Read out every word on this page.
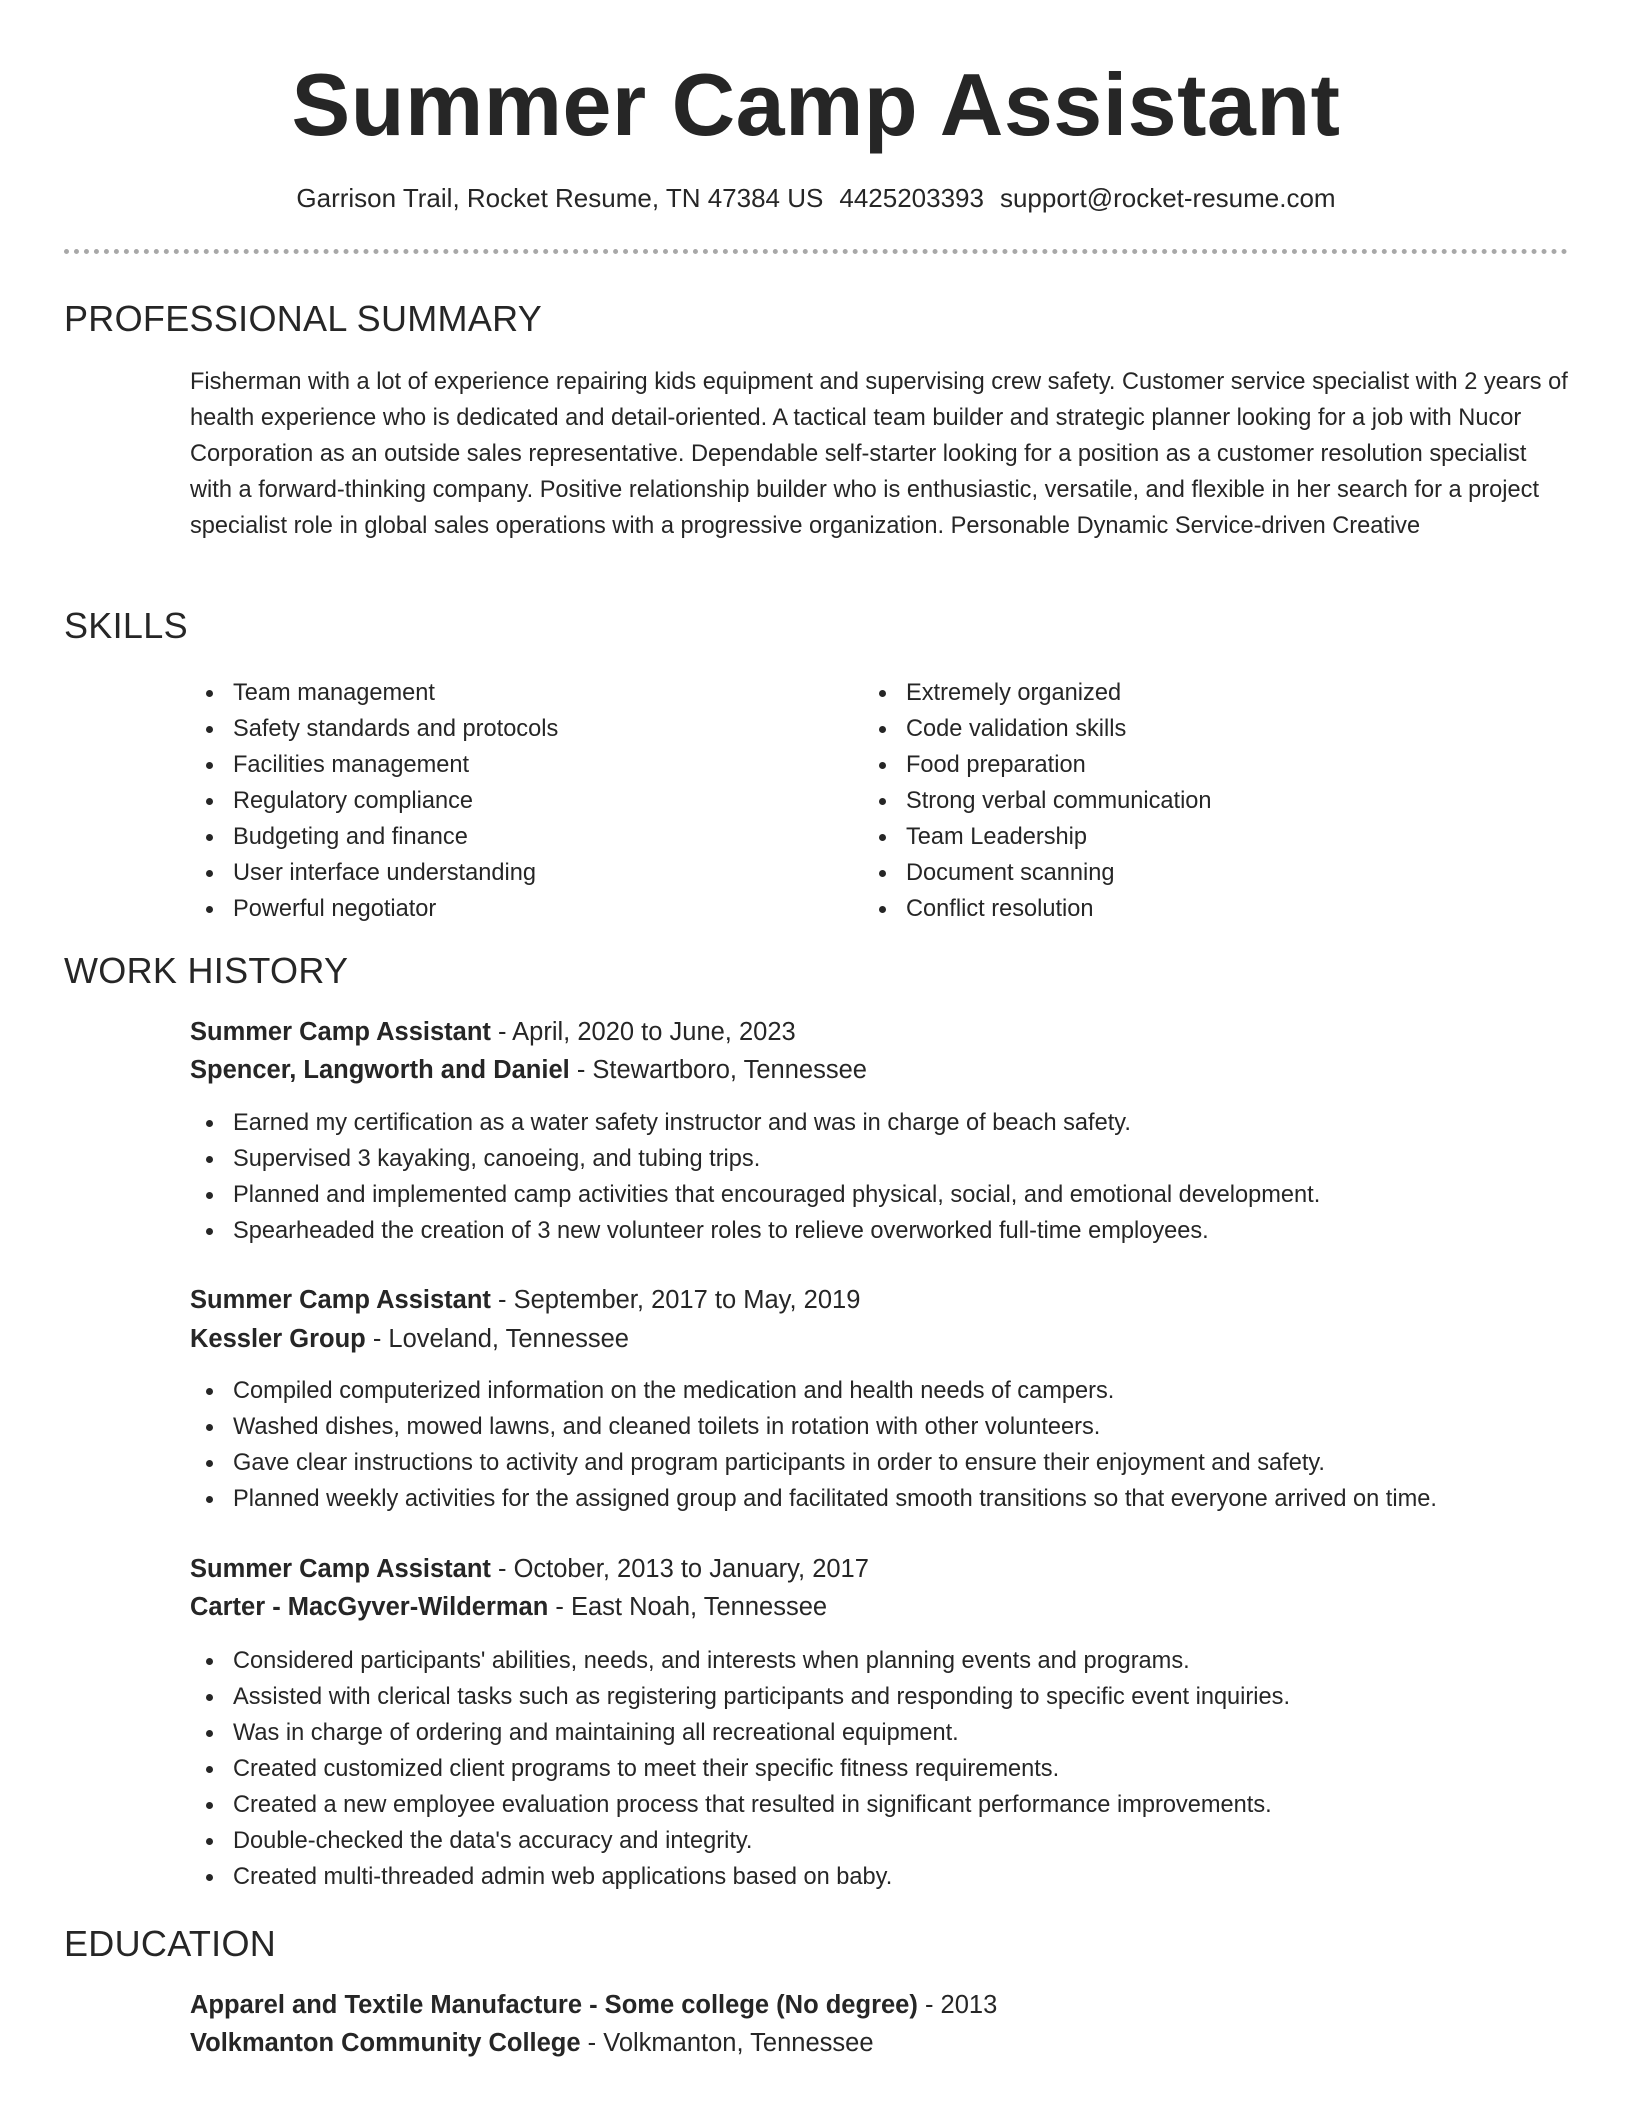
Summer Camp Assistant
Garrison Trail, Rocket Resume, TN 47384 US 4425203393 support@rocket-resume.com
PROFESSIONAL SUMMARY

Fisherman with a lot of experience repairing kids equipment and supervising crew safety. Customer service specialist with 2 years of health experience who is dedicated and detail-oriented. A tactical team builder and strategic planner looking for a job with Nucor Corporation as an outside sales representative. Dependable self-starter looking for a position as a customer resolution specialist with a forward-thinking company. Positive relationship builder who is enthusiastic, versatile, and flexible in her search for a project specialist role in global sales operations with a progressive organization. Personable Dynamic Service-driven Creative

SKILLS
Team management
Safety standards and protocols
Facilities management
Regulatory compliance
Budgeting and finance
User interface understanding
Powerful negotiator
Extremely organized
Code validation skills
Food preparation
Strong verbal communication
Team Leadership
Document scanning
Conflict resolution
WORK HISTORY
Summer Camp Assistant - April, 2020 to June, 2023
Spencer, Langworth and Daniel - Stewartboro, Tennessee
Earned my certification as a water safety instructor and was in charge of beach safety.
Supervised 3 kayaking, canoeing, and tubing trips.
Planned and implemented camp activities that encouraged physical, social, and emotional development.
Spearheaded the creation of 3 new volunteer roles to relieve overworked full-time employees.
Summer Camp Assistant - September, 2017 to May, 2019
Kessler Group - Loveland, Tennessee
Compiled computerized information on the medication and health needs of campers.
Washed dishes, mowed lawns, and cleaned toilets in rotation with other volunteers.
Gave clear instructions to activity and program participants in order to ensure their enjoyment and safety.
Planned weekly activities for the assigned group and facilitated smooth transitions so that everyone arrived on time.
Summer Camp Assistant - October, 2013 to January, 2017
Carter - MacGyver-Wilderman - East Noah, Tennessee
Considered participants' abilities, needs, and interests when planning events and programs.
Assisted with clerical tasks such as registering participants and responding to specific event inquiries.
Was in charge of ordering and maintaining all recreational equipment.
Created customized client programs to meet their specific fitness requirements.
Created a new employee evaluation process that resulted in significant performance improvements.
Double-checked the data's accuracy and integrity.
Created multi-threaded admin web applications based on baby.
EDUCATION
Apparel and Textile Manufacture - Some college (No degree) - 2013
Volkmanton Community College - Volkmanton, Tennessee
